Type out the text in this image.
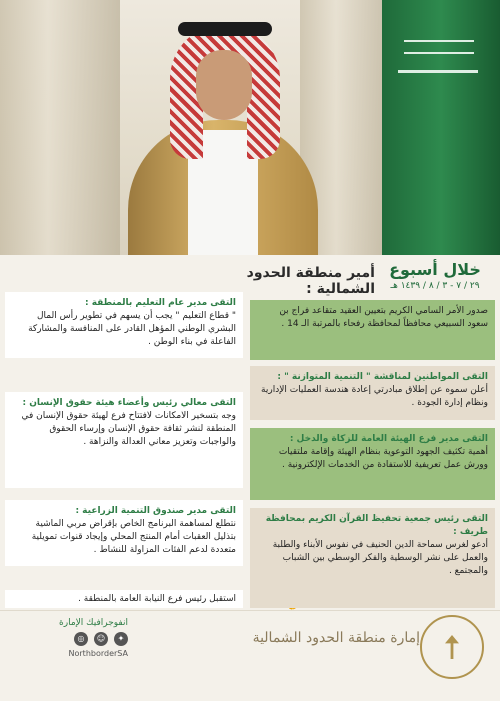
خلال أسبوع
٢٩ / ٧ - ٣ / ٨ / ١٤٣٩ هـ
أمير منطقة الحدود الشمالية :
التقى مدير عام التعليم بالمنطقة :
" قطاع التعليم " يجب أن يسهم في تطوير رأس المال البشري الوطني المؤهل القادر على المنافسة والمشاركة الفاعلة في بناء الوطن .
التقى معالي رئيس وأعضاء هيئة حقوق الإنسان :
وجه بتسخير الامكانات لافتتاح فرع لهيئة حقوق الإنسان في المنطقة لنشر ثقافة حقوق الإنسان وإرساء الحقوق والواجبات وتعزيز معاني العدالة والنزاهة .
التقى مدير صندوق التنمية الزراعية :
نتطلع لمساهمة البرنامج الخاص بإقراض مربي الماشية بتذليل العقبات أمام المنتج المحلي وإيجاد قنوات تمويلية متعددة لدعم الفئات المزاولة للنشاط .
استقبل رئيس فرع النيابة العامة بالمنطقة .
صدور الأمر السامي الكريم بتعيين العقيد متقاعد فراج بن سعود السبيعي محافظاً لمحافظة رفحاء بالمرتبة الـ 14 .
التقى المواطنين لمناقشة " التنمية المتوازنة " :
أعلن سموه عن إطلاق مبادرتي إعادة هندسة العمليات الإدارية ونظام إدارة الجودة .
التقى مدير فرع الهيئة العامة للزكاة والدخل :
أهمية تكثيف الجهود التوعوية بنظام الهيئة وإقامة ملتقيات وورش عمل تعريفية للاستفادة من الخدمات الإلكترونية .
التقى رئيس جمعية تحفيظ القرآن الكريم بمحافظة طريف :
أدعو لغرس سماحة الدين الحنيف في نفوس الأبناء والطلبة والعمل على نشر الوسطية والفكر الوسطي بين الشباب والمجتمع .
انفوجرافيك الإمارة
◎	☺	✦
NorthborderSA
إمارة منطقة الحدود الشمالية
